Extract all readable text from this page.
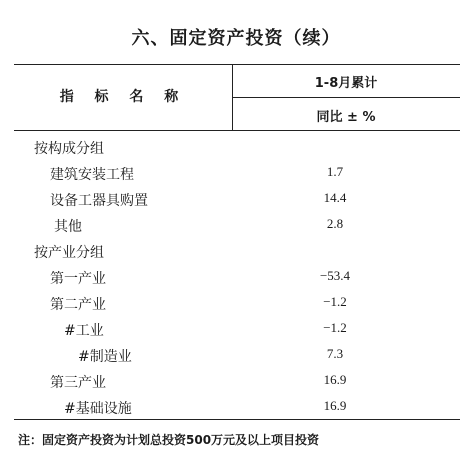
六、固定资产投资（续）
指 标 名 称
1-8月累计
同比 ± %
按构成分组
建筑安装工程	1.7
设备工器具购置	14.4
其他	2.8
按产业分组
第一产业	−53.4
第二产业	−1.2
#工业	−1.2
#制造业	7.3
第三产业	16.9
#基础设施	16.9
注：固定资产投资为计划总投资500万元及以上项目投资
